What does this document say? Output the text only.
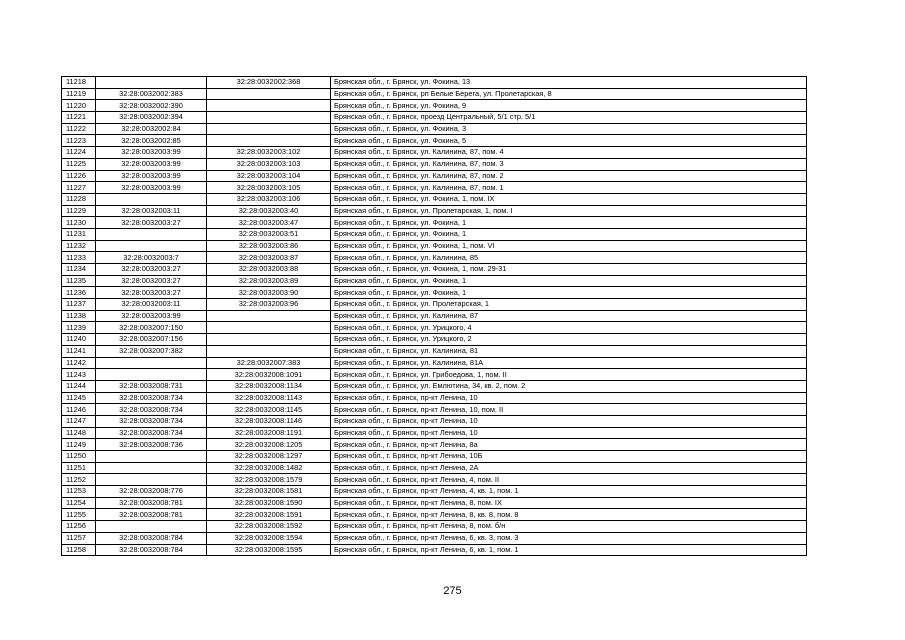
11218		32:28:0032002:368	Брянская обл., г. Брянск, ул. Фокина, 13
11219	32:28:0032002:383		Брянская обл., г. Брянск, рп Белые Берега, ул. Пролетарская, 8
11220	32:28:0032002:390		Брянская обл., г. Брянск, ул. Фокина, 9
11221	32:28:0032002:394		Брянская обл., г. Брянск, проезд Центральный, 5/1 стр. 5/1
11222	32:28:0032002:84		Брянская обл., г. Брянск, ул. Фокина, 3
11223	32:28:0032002:85		Брянская обл., г. Брянск, ул. Фокина, 5
11224	32:28:0032003:99	32:28:0032003:102	Брянская обл., г. Брянск, ул. Калинина, 87, пом. 4
11225	32:28:0032003:99	32:28:0032003:103	Брянская обл., г. Брянск, ул. Калинина, 87, пом. 3
11226	32:28:0032003:99	32:28:0032003:104	Брянская обл., г. Брянск, ул. Калинина, 87, пом. 2
11227	32:28:0032003:99	32:28:0032003:105	Брянская обл., г. Брянск, ул. Калинина, 87, пом. 1
11228		32:28:0032003:106	Брянская обл., г. Брянск, ул. Фокина, 1, пом. IX
11229	32:28:0032003:11	32:28:0032003:40	Брянская обл., г. Брянск, ул. Пролетарская, 1, пом. I
11230	32:28:0032003:27	32:28:0032003:47	Брянская обл., г. Брянск, ул. Фокина, 1
11231		32:28:0032003:51	Брянская обл., г. Брянск, ул. Фокина, 1
11232		32:28:0032003:86	Брянская обл., г. Брянск, ул. Фокина, 1, пом. VI
11233	32:28:0032003:7	32:28:0032003:87	Брянская обл., г. Брянск, ул. Калинина, 85
11234	32:28:0032003:27	32:28:0032003:88	Брянская обл., г. Брянск, ул. Фокина, 1, пом. 29-31
11235	32:28:0032003:27	32:28:0032003:89	Брянская обл., г. Брянск, ул. Фокина, 1
11236	32:28:0032003:27	32:28:0032003:90	Брянская обл., г. Брянск, ул. Фокина, 1
11237	32:28:0032003:11	32:28:0032003:96	Брянская обл., г. Брянск, ул. Пролетарская, 1
11238	32:28:0032003:99		Брянская обл., г. Брянск, ул. Калинина, 87
11239	32:28:0032007:150		Брянская обл., г. Брянск, ул. Урицкого, 4
11240	32:28:0032007:156		Брянская обл., г. Брянск, ул. Урицкого, 2
11241	32:28:0032007:382		Брянская обл., г. Брянск, ул. Калинина, 81
11242		32:28:0032007:383	Брянская обл., г. Брянск, ул. Калинина, 81А
11243		32:28:0032008:1091	Брянская обл., г. Брянск, ул. Грибоедова, 1, пом. II
11244	32:28:0032008:731	32:28:0032008:1134	Брянская обл., г. Брянск, ул. Емлютина, 34, кв. 2, пом. 2
11245	32:28:0032008:734	32:28:0032008:1143	Брянская обл., г. Брянск, пр-кт Ленина, 10
11246	32:28:0032008:734	32:28:0032008:1145	Брянская обл., г. Брянск, пр-кт Ленина, 10, пом. II
11247	32:28:0032008:734	32:28:0032008:1146	Брянская обл., г. Брянск, пр-кт Ленина, 10
11248	32:28:0032008:734	32:28:0032008:1191	Брянская обл., г. Брянск, пр-кт Ленина, 10
11249	32:28:0032008:736	32:28:0032008:1205	Брянская обл., г. Брянск, пр-кт Ленина, 8а
11250		32:28:0032008:1297	Брянская обл., г. Брянск, пр-кт Ленина, 10Б
11251		32:28:0032008:1482	Брянская обл., г. Брянск, пр-кт Ленина, 2А
11252		32:28:0032008:1579	Брянская обл., г. Брянск, пр-кт Ленина, 4, пом. II
11253	32:28:0032008:776	32:28:0032008:1581	Брянская обл., г. Брянск, пр-кт Ленина, 4, кв. 1, пом. 1
11254	32:28:0032008:781	32:28:0032008:1590	Брянская обл., г. Брянск, пр-кт Ленина, 8, пом. IX
11255	32:28:0032008:781	32:28:0032008:1591	Брянская обл., г. Брянск, пр-кт Ленина, 8, кв. 8, пом. 8
11256		32:28:0032008:1592	Брянская обл., г. Брянск, пр-кт Ленина, 8, пом. б/н
11257	32:28:0032008:784	32:28:0032008:1594	Брянская обл., г. Брянск, пр-кт Ленина, 6, кв. 3, пом. 3
11258	32:28:0032008:784	32:28:0032008:1595	Брянская обл., г. Брянск, пр-кт Ленина, 6, кв. 1, пом. 1
275
